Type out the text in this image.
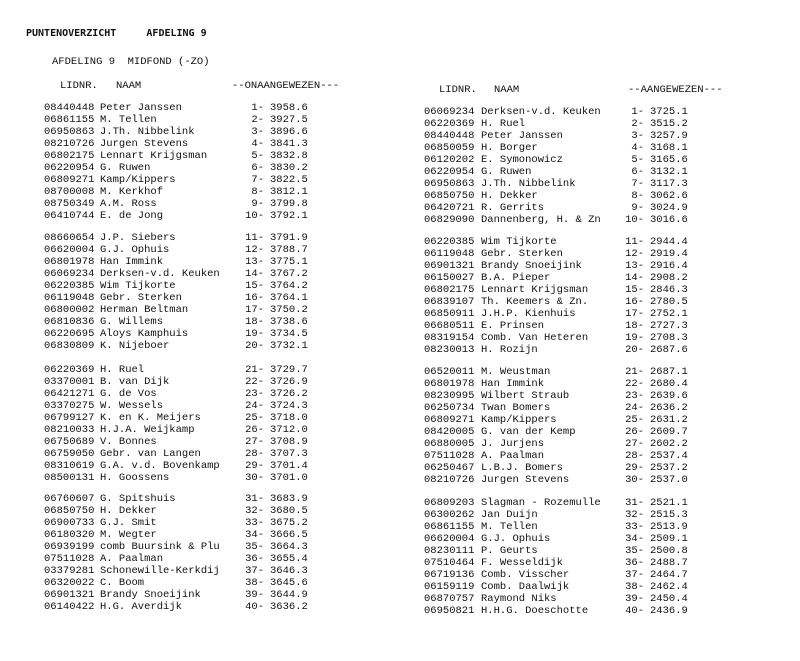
PUNTENOVERZICHT     AFDELING 9
AFDELING 9  MIDFOND (-ZO)
LIDNR. NAAM	--ONAANGEWEZEN---
08440448 Peter Janssen	1- 3958.6
06861155 M. Tellen	2- 3927.5
06950863 J.Th. Nibbelink	3- 3896.6
08210726 Jurgen Stevens	4- 3841.3
06802175 Lennart Krijgsman	5- 3832.8
06220954 G. Ruwen	6- 3830.2
06809271 Kamp/Kippers	7- 3822.5
08700008 M. Kerkhof	8- 3812.1
08750349 A.M. Ross	9- 3799.8
06410744 E. de Jong	10- 3792.1
08660654 J.P. Siebers	11- 3791.9
06620004 G.J. Ophuis	12- 3788.7
06801978 Han Immink	13- 3775.1
06069234 Derksen-v.d. Keuken	14- 3767.2
06220385 Wim Tijkorte	15- 3764.2
06119048 Gebr. Sterken	16- 3764.1
06800002 Herman Beltman	17- 3750.2
06810836 G. Willems	18- 3738.6
06220695 Aloys Kamphuis	19- 3734.5
06830809 K. Nijeboer	20- 3732.1
06220369 H. Ruel	21- 3729.7
03370001 B. van Dijk	22- 3726.9
06421271 G. de Vos	23- 3726.2
03370275 W. Wessels	24- 3724.3
06799127 K. en K. Meijers	25- 3718.0
08210033 H.J.A. Weijkamp	26- 3712.0
06750689 V. Bonnes	27- 3708.9
06759050 Gebr. van Langen	28- 3707.3
08310619 G.A. v.d. Bovenkamp	29- 3701.4
08500131 H. Goossens	30- 3701.0
06760607 G. Spitshuis	31- 3683.9
06850750 H. Dekker	32- 3680.5
06900733 G.J. Smit	33- 3675.2
06180320 M. Wegter	34- 3666.5
06939199 comb Buursink & Plu	35- 3664.3
07511028 A. Paalman	36- 3655.4
03379281 Schonewille-Kerkdij	37- 3646.3
06320022 C. Boom	38- 3645.6
06901321 Brandy Snoeijink	39- 3644.9
06140422 H.G. Averdijk	40- 3636.2
LIDNR. NAAM	--AANGEWEZEN---
06069234 Derksen-v.d. Keuken	1- 3725.1
06220369 H. Ruel	2- 3515.2
08440448 Peter Janssen	3- 3257.9
06850059 H. Borger	4- 3168.1
06120202 E. Symonowicz	5- 3165.6
06220954 G. Ruwen	6- 3132.1
06950863 J.Th. Nibbelink	7- 3117.3
06850750 H. Dekker	8- 3062.6
06420721 R. Gerrits	9- 3024.9
06829090 Dannenberg, H. & Zn	10- 3016.6
06220385 Wim Tijkorte	11- 2944.4
06119048 Gebr. Sterken	12- 2919.4
06901321 Brandy Snoeijink	13- 2916.4
06150027 B.A. Pieper	14- 2908.2
06802175 Lennart Krijgsman	15- 2846.3
06839107 Th. Keemers & Zn.	16- 2780.5
06850911 J.H.P. Kienhuis	17- 2752.1
06680511 E. Prinsen	18- 2727.3
08319154 Comb. Van Heteren	19- 2708.3
08230013 H. Rozijn	20- 2687.6
06520011 M. Weustman	21- 2687.1
06801978 Han Immink	22- 2680.4
08230995 Wilbert Straub	23- 2639.6
06250734 Twan Bomers	24- 2636.2
06809271 Kamp/Kippers	25- 2631.2
08420005 G. van der Kemp	26- 2609.7
06880005 J. Jurjens	27- 2602.2
07511028 A. Paalman	28- 2537.4
06250467 L.B.J. Bomers	29- 2537.2
08210726 Jurgen Stevens	30- 2537.0
06809203 Slagman - Rozemulle	31- 2521.1
06300262 Jan Duijn	32- 2515.3
06861155 M. Tellen	33- 2513.9
06620004 G.J. Ophuis	34- 2509.1
08230111 P. Geurts	35- 2500.8
07510464 F. Wesseldijk	36- 2488.7
06719136 Comb. Visscher	37- 2464.7
06159119 Comb. Daalwijk	38- 2462.4
06870757 Raymond Niks	39- 2450.4
06950821 H.H.G. Doeschotte	40- 2436.9
